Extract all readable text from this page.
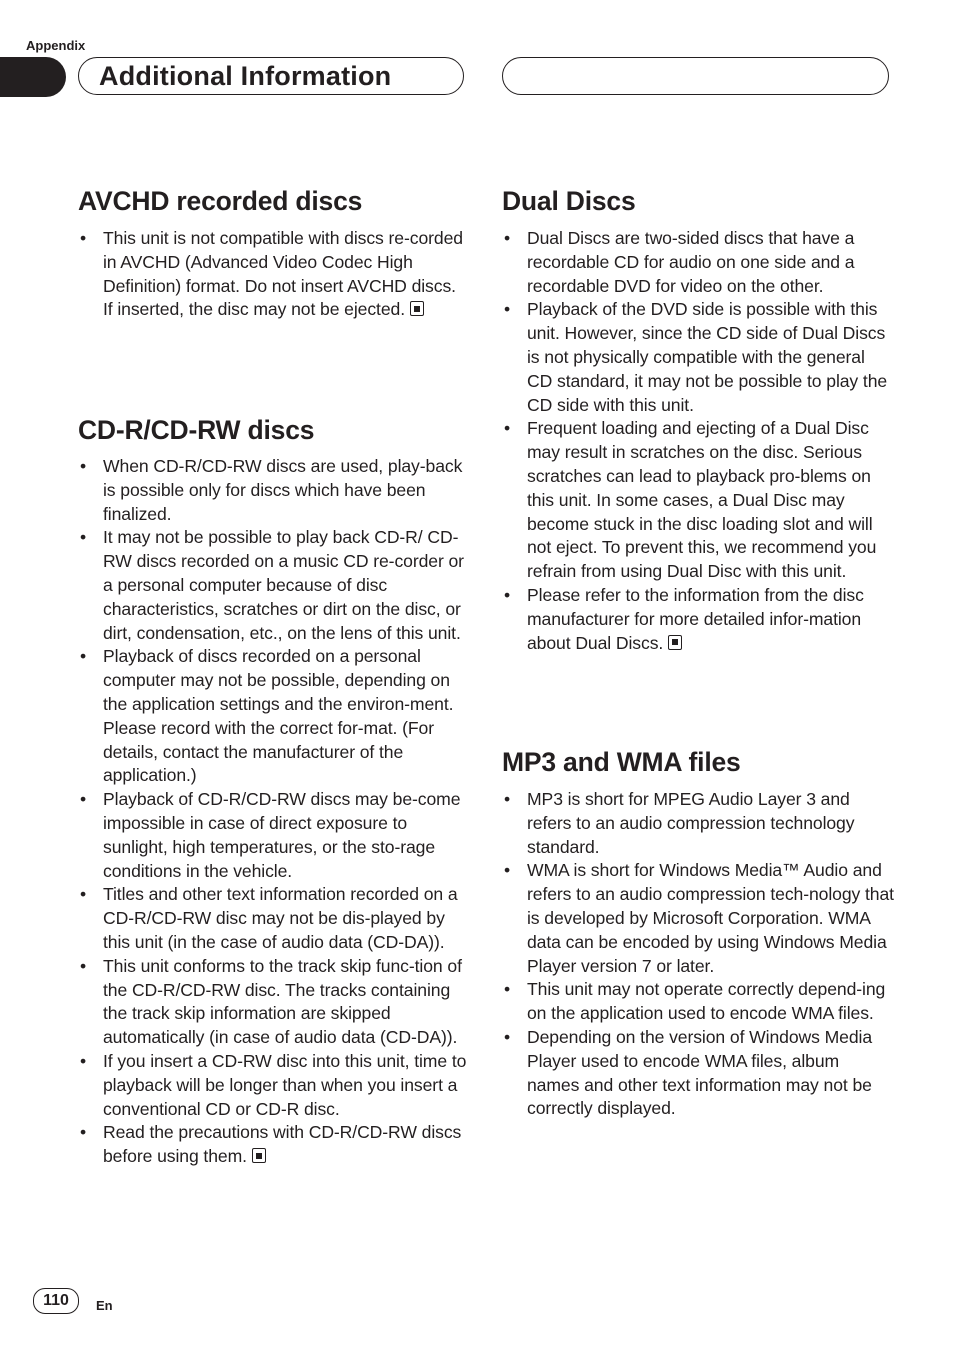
Appendix
Additional Information
AVCHD recorded discs
• This unit is not compatible with discs re-corded in AVCHD (Advanced Video Codec High Definition) format. Do not insert AVCHD discs. If inserted, the disc may not be ejected.
CD-R/CD-RW discs
• When CD-R/CD-RW discs are used, play-back is possible only for discs which have been finalized.
• It may not be possible to play back CD-R/ CD-RW discs recorded on a music CD re-corder or a personal computer because of disc characteristics, scratches or dirt on the disc, or dirt, condensation, etc., on the lens of this unit.
• Playback of discs recorded on a personal computer may not be possible, depending on the application settings and the environ-ment. Please record with the correct for-mat. (For details, contact the manufacturer of the application.)
• Playback of CD-R/CD-RW discs may be-come impossible in case of direct exposure to sunlight, high temperatures, or the sto-rage conditions in the vehicle.
• Titles and other text information recorded on a CD-R/CD-RW disc may not be dis-played by this unit (in the case of audio data (CD-DA)).
• This unit conforms to the track skip func-tion of the CD-R/CD-RW disc. The tracks containing the track skip information are skipped automatically (in case of audio data (CD-DA)).
• If you insert a CD-RW disc into this unit, time to playback will be longer than when you insert a conventional CD or CD-R disc.
• Read the precautions with CD-R/CD-RW discs before using them.
Dual Discs
• Dual Discs are two-sided discs that have a recordable CD for audio on one side and a recordable DVD for video on the other.
• Playback of the DVD side is possible with this unit. However, since the CD side of Dual Discs is not physically compatible with the general CD standard, it may not be possible to play the CD side with this unit.
• Frequent loading and ejecting of a Dual Disc may result in scratches on the disc. Serious scratches can lead to playback pro-blems on this unit. In some cases, a Dual Disc may become stuck in the disc loading slot and will not eject. To prevent this, we recommend you refrain from using Dual Disc with this unit.
• Please refer to the information from the disc manufacturer for more detailed infor-mation about Dual Discs.
MP3 and WMA files
• MP3 is short for MPEG Audio Layer 3 and refers to an audio compression technology standard.
• WMA is short for Windows Media™ Audio and refers to an audio compression tech-nology that is developed by Microsoft Corporation. WMA data can be encoded by using Windows Media Player version 7 or later.
• This unit may not operate correctly depend-ing on the application used to encode WMA files.
• Depending on the version of Windows Media Player used to encode WMA files, album names and other text information may not be correctly displayed.
110	En
